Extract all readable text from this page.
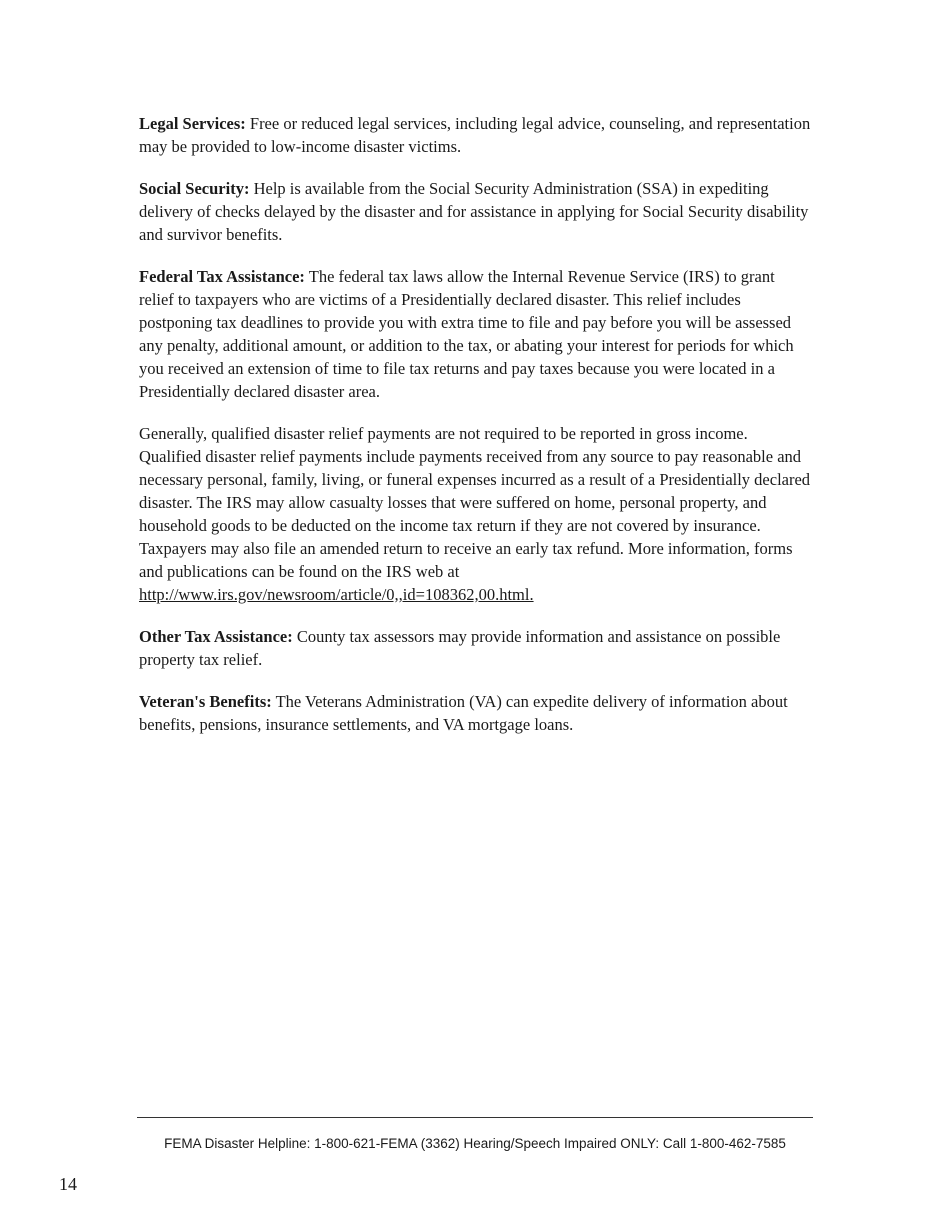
Legal Services: Free or reduced legal services, including legal advice, counseling, and representation may be provided to low-income disaster victims.

Social Security: Help is available from the Social Security Administration (SSA) in expediting delivery of checks delayed by the disaster and for assistance in applying for Social Security disability and survivor benefits.

Federal Tax Assistance: The federal tax laws allow the Internal Revenue Service (IRS) to grant relief to taxpayers who are victims of a Presidentially declared disaster. This relief includes postponing tax deadlines to provide you with extra time to file and pay before you will be assessed any penalty, additional amount, or addition to the tax, or abating your interest for periods for which you received an extension of time to file tax returns and pay taxes because you were located in a Presidentially declared disaster area.

Generally, qualified disaster relief payments are not required to be reported in gross income. Qualified disaster relief payments include payments received from any source to pay reasonable and necessary personal, family, living, or funeral expenses incurred as a result of a Presidentially declared disaster. The IRS may allow casualty losses that were suffered on home, personal property, and household goods to be deducted on the income tax return if they are not covered by insurance. Taxpayers may also file an amended return to receive an early tax refund. More information, forms and publications can be found on the IRS web at
http://www.irs.gov/newsroom/article/0,,id=108362,00.html.

Other Tax Assistance: County tax assessors may provide information and assistance on possible property tax relief.

Veteran's Benefits: The Veterans Administration (VA) can expedite delivery of information about benefits, pensions, insurance settlements, and VA mortgage loans.

FEMA Disaster Helpline: 1-800-621-FEMA (3362) Hearing/Speech Impaired ONLY: Call 1-800-462-7585
14
